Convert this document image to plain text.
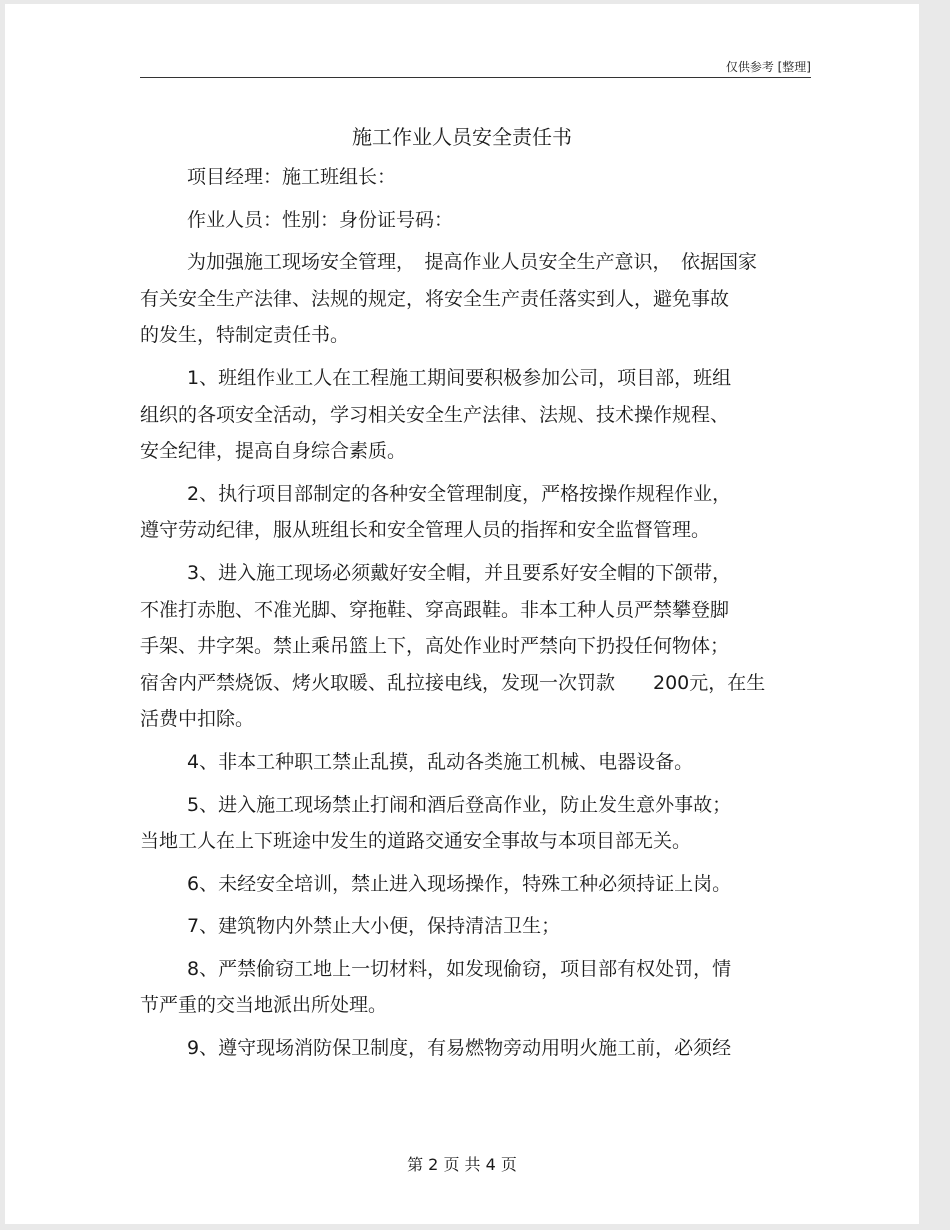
仅供参考 [整理]
施工作业人员安全责任书
项目经理：施工班组长：
作业人员：性别：身份证号码：
为加强施工现场安全管理，　提高作业人员安全生产意识，　依据国家
有关安全生产法律、法规的规定，将安全生产责任落实到人，避免事故
的发生，特制定责任书。
1、班组作业工人在工程施工期间要积极参加公司，项目部，班组
组织的各项安全活动，学习相关安全生产法律、法规、技术操作规程、
安全纪律，提高自身综合素质。
2、执行项目部制定的各种安全管理制度，严格按操作规程作业，
遵守劳动纪律，服从班组长和安全管理人员的指挥和安全监督管理。
3、进入施工现场必须戴好安全帽，并且要系好安全帽的下颌带，
不准打赤胞、不准光脚、穿拖鞋、穿高跟鞋。非本工种人员严禁攀登脚
手架、井字架。禁止乘吊篮上下，高处作业时严禁向下扔投任何物体；
宿舍内严禁烧饭、烤火取暖、乱拉接电线，发现一次罚款　　200元，在生
活费中扣除。
4、非本工种职工禁止乱摸，乱动各类施工机械、电器设备。
5、进入施工现场禁止打闹和酒后登高作业，防止发生意外事故；
当地工人在上下班途中发生的道路交通安全事故与本项目部无关。
6、未经安全培训，禁止进入现场操作，特殊工种必须持证上岗。
7、建筑物内外禁止大小便，保持清洁卫生；
8、严禁偷窃工地上一切材料，如发现偷窃，项目部有权处罚，情
节严重的交当地派出所处理。
9、遵守现场消防保卫制度，有易燃物旁动用明火施工前，必须经
第 2 页 共 4 页
